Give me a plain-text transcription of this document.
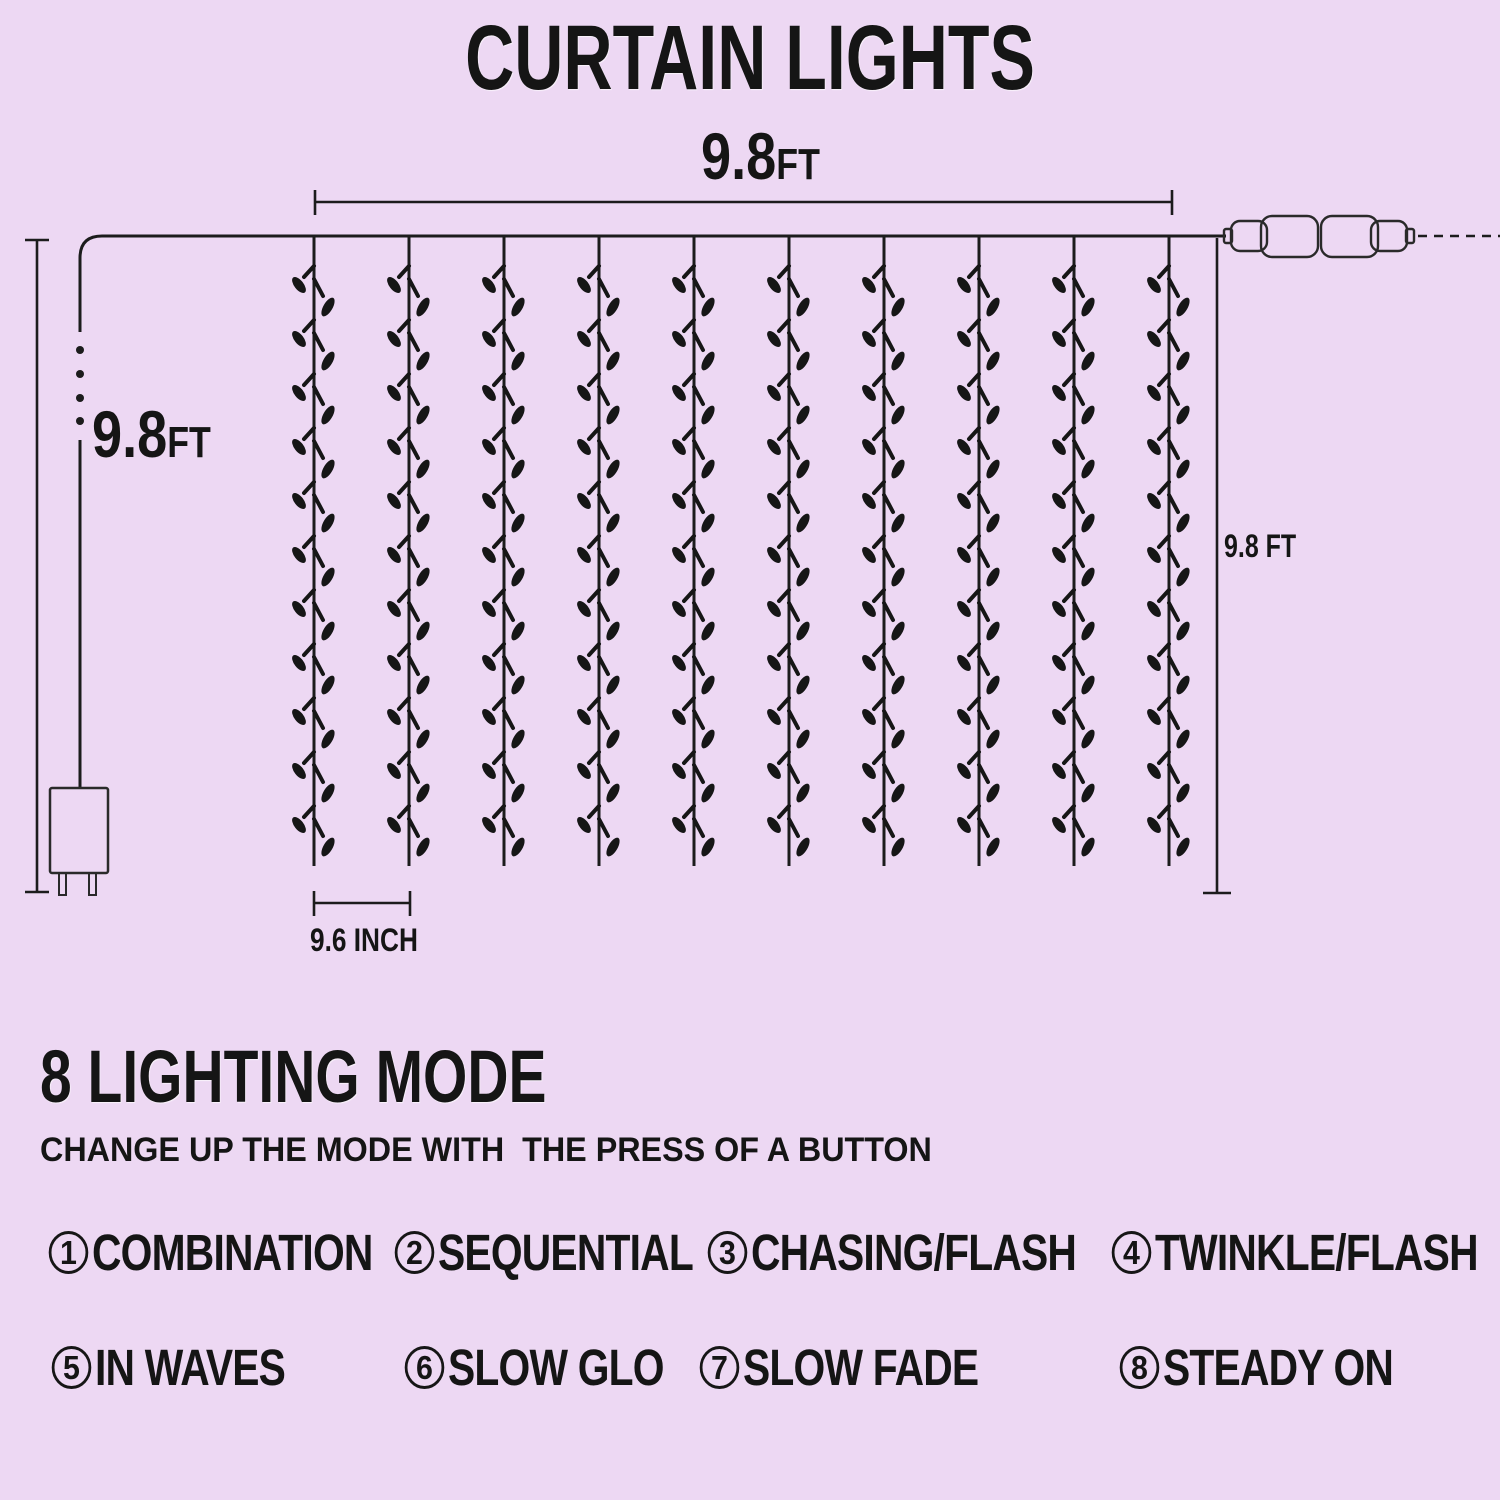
CURTAIN LIGHTS
9.8FT
9.8FT
9.8 FT
9.6 INCH
8 LIGHTING MODE
CHANGE UP THE MODE WITH  THE PRESS OF A BUTTON
1 COMBINATION	2 SEQUENTIAL 3 CHASING/FLASH	4 TWINKLE/FLASH
5 IN WAVES	6 SLOW GLO	7 SLOW FADE	8 STEADY ON
